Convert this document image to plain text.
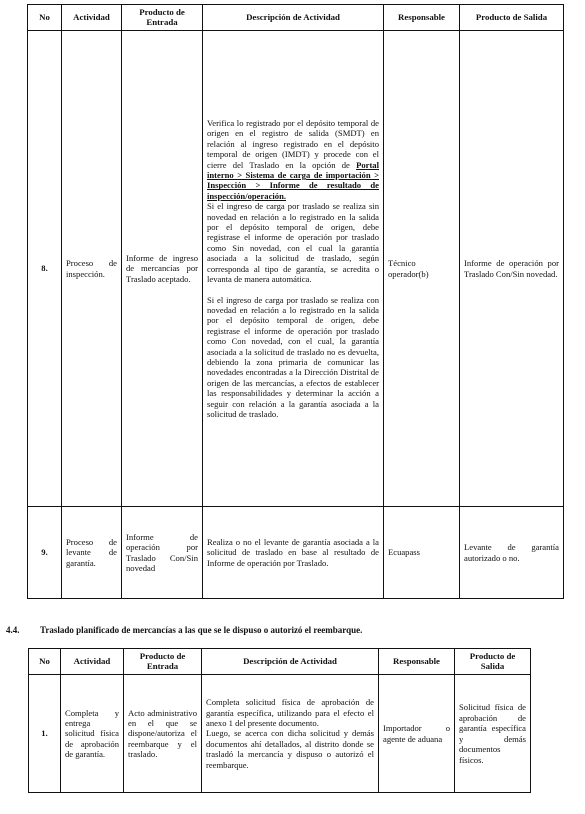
No	Actividad	Producto de Entrada	Descripción de Actividad	Responsable	Producto de Salida
8.	Proceso de inspección.	Informe de ingreso de mercancías por Traslado aceptado.	Verifica lo registrado por el depósito temporal de origen en el registro de salida (SMDT) en relación al ingreso registrado en el depósito temporal de origen (IMDT) y procede con el cierre del Traslado en la opción de Portal interno > Sistema de carga de importación > Inspección > Informe de resultado de inspección/operación.

Si el ingreso de carga por traslado se realiza sin novedad en relación a lo registrado en la salida por el depósito temporal de origen, debe registrase el informe de operación por traslado como Sin novedad, con el cual la garantía asociada a la solicitud de traslado, según corresponda al tipo de garantía, se acredita o levanta de manera automática.

Si el ingreso de carga por traslado se realiza con novedad en relación a lo registrado en la salida por el depósito temporal de origen, debe registrase el informe de operación por traslado como Con novedad, con el cual, la garantía asociada a la solicitud de traslado no es devuelta, debiendo la zona primaria de comunicar las novedades encontradas a la Dirección Distrital de origen de las mercancías, a efectos de establecer las responsabilidades y determinar la acción a seguir con relación a la garantía asociada a la solicitud de traslado.	Técnico operador(b)	Informe de operación por Traslado Con/Sin novedad.
9.	Proceso de levante de garantía.	Informe de operación por Traslado Con/Sin novedad	Realiza o no el levante de garantía asociada a la solicitud de traslado en base al resultado de Informe de operación por Traslado.	Ecuapass	Levante de garantía autorizado o no.
4.4. Traslado planificado de mercancías a las que se le dispuso o autorizó el reembarque.
No	Actividad	Producto de Entrada	Descripción de Actividad	Responsable	Producto de Salida
1.	Completa y entrega solicitud física de aprobación de garantía.	Acto administrativo en el que se dispone/autoriza el reembarque y el traslado.	Completa solicitud física de aprobación de garantía específica, utilizando para el efecto el anexo 1 del presente documento.

Luego, se acerca con dicha solicitud y demás documentos ahí detallados, al distrito donde se trasladó la mercancía y dispuso o autorizó el reembarque.	Importador o agente de aduana	Solicitud física de aprobación de garantía específica y demás documentos físicos.
